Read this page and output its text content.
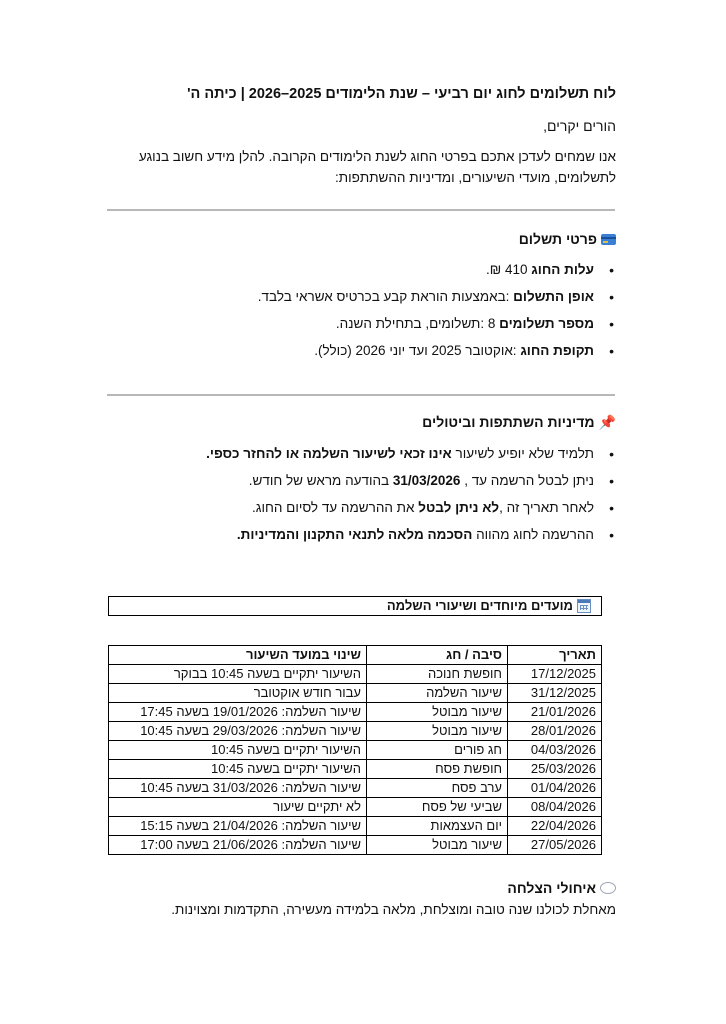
לוח תשלומים לחוג יום רביעי – שנת הלימודים 2025–2026 | כיתה ה'
הורים יקרים,
אנו שמחים לעדכן אתכם בפרטי החוג לשנת הלימודים הקרובה. להלן מידע חשוב בנוגע לתשלומים, מועדי השיעורים, ומדיניות ההשתתפות:
פרטי תשלום
• עלות החוג 410 ₪.
• אופן התשלום :באמצעות הוראת קבע בכרטיס אשראי בלבד.
• מספר תשלומים 8 :תשלומים, בתחילת השנה.
• תקופת החוג :אוקטובר 2025 ועד יוני 2026 (כולל).
📌
מדיניות השתתפות וביטולים
• תלמיד שלא יופיע לשיעור אינו זכאי לשיעור השלמה או להחזר כספי.
• ניתן לבטל הרשמה עד , 31/03/2026 בהודעה מראש של חודש.
• לאחר תאריך זה ,לא ניתן לבטל את ההרשמה עד לסיום החוג.
• ההרשמה לחוג מהווה הסכמה מלאה לתנאי התקנון והמדיניות.
מועדים מיוחדים ושיעורי השלמה
תאריך	סיבה / חג	שינוי במועד השיעור
17/12/2025	חופשת חנוכה	השיעור יתקיים בשעה 10:45 בבוקר
31/12/2025	שיעור השלמה	עבור חודש אוקטובר
21/01/2026	שיעור מבוטל	שיעור השלמה: 19/01/2026 בשעה 17:45
28/01/2026	שיעור מבוטל	שיעור השלמה: 29/03/2026 בשעה 10:45
04/03/2026	חג פורים	השיעור יתקיים בשעה 10:45
25/03/2026	חופשת פסח	השיעור יתקיים בשעה 10:45
01/04/2026	ערב פסח	שיעור השלמה: 31/03/2026 בשעה 10:45
08/04/2026	שביעי של פסח	לא יתקיים שיעור
22/04/2026	יום העצמאות	שיעור השלמה: 21/04/2026 בשעה 15:15
27/05/2026	שיעור מבוטל	שיעור השלמה: 21/06/2026 בשעה 17:00
איחולי הצלחה
מאחלת לכולנו שנה טובה ומוצלחת, מלאה בלמידה מעשירה, התקדמות ומצוינות.
